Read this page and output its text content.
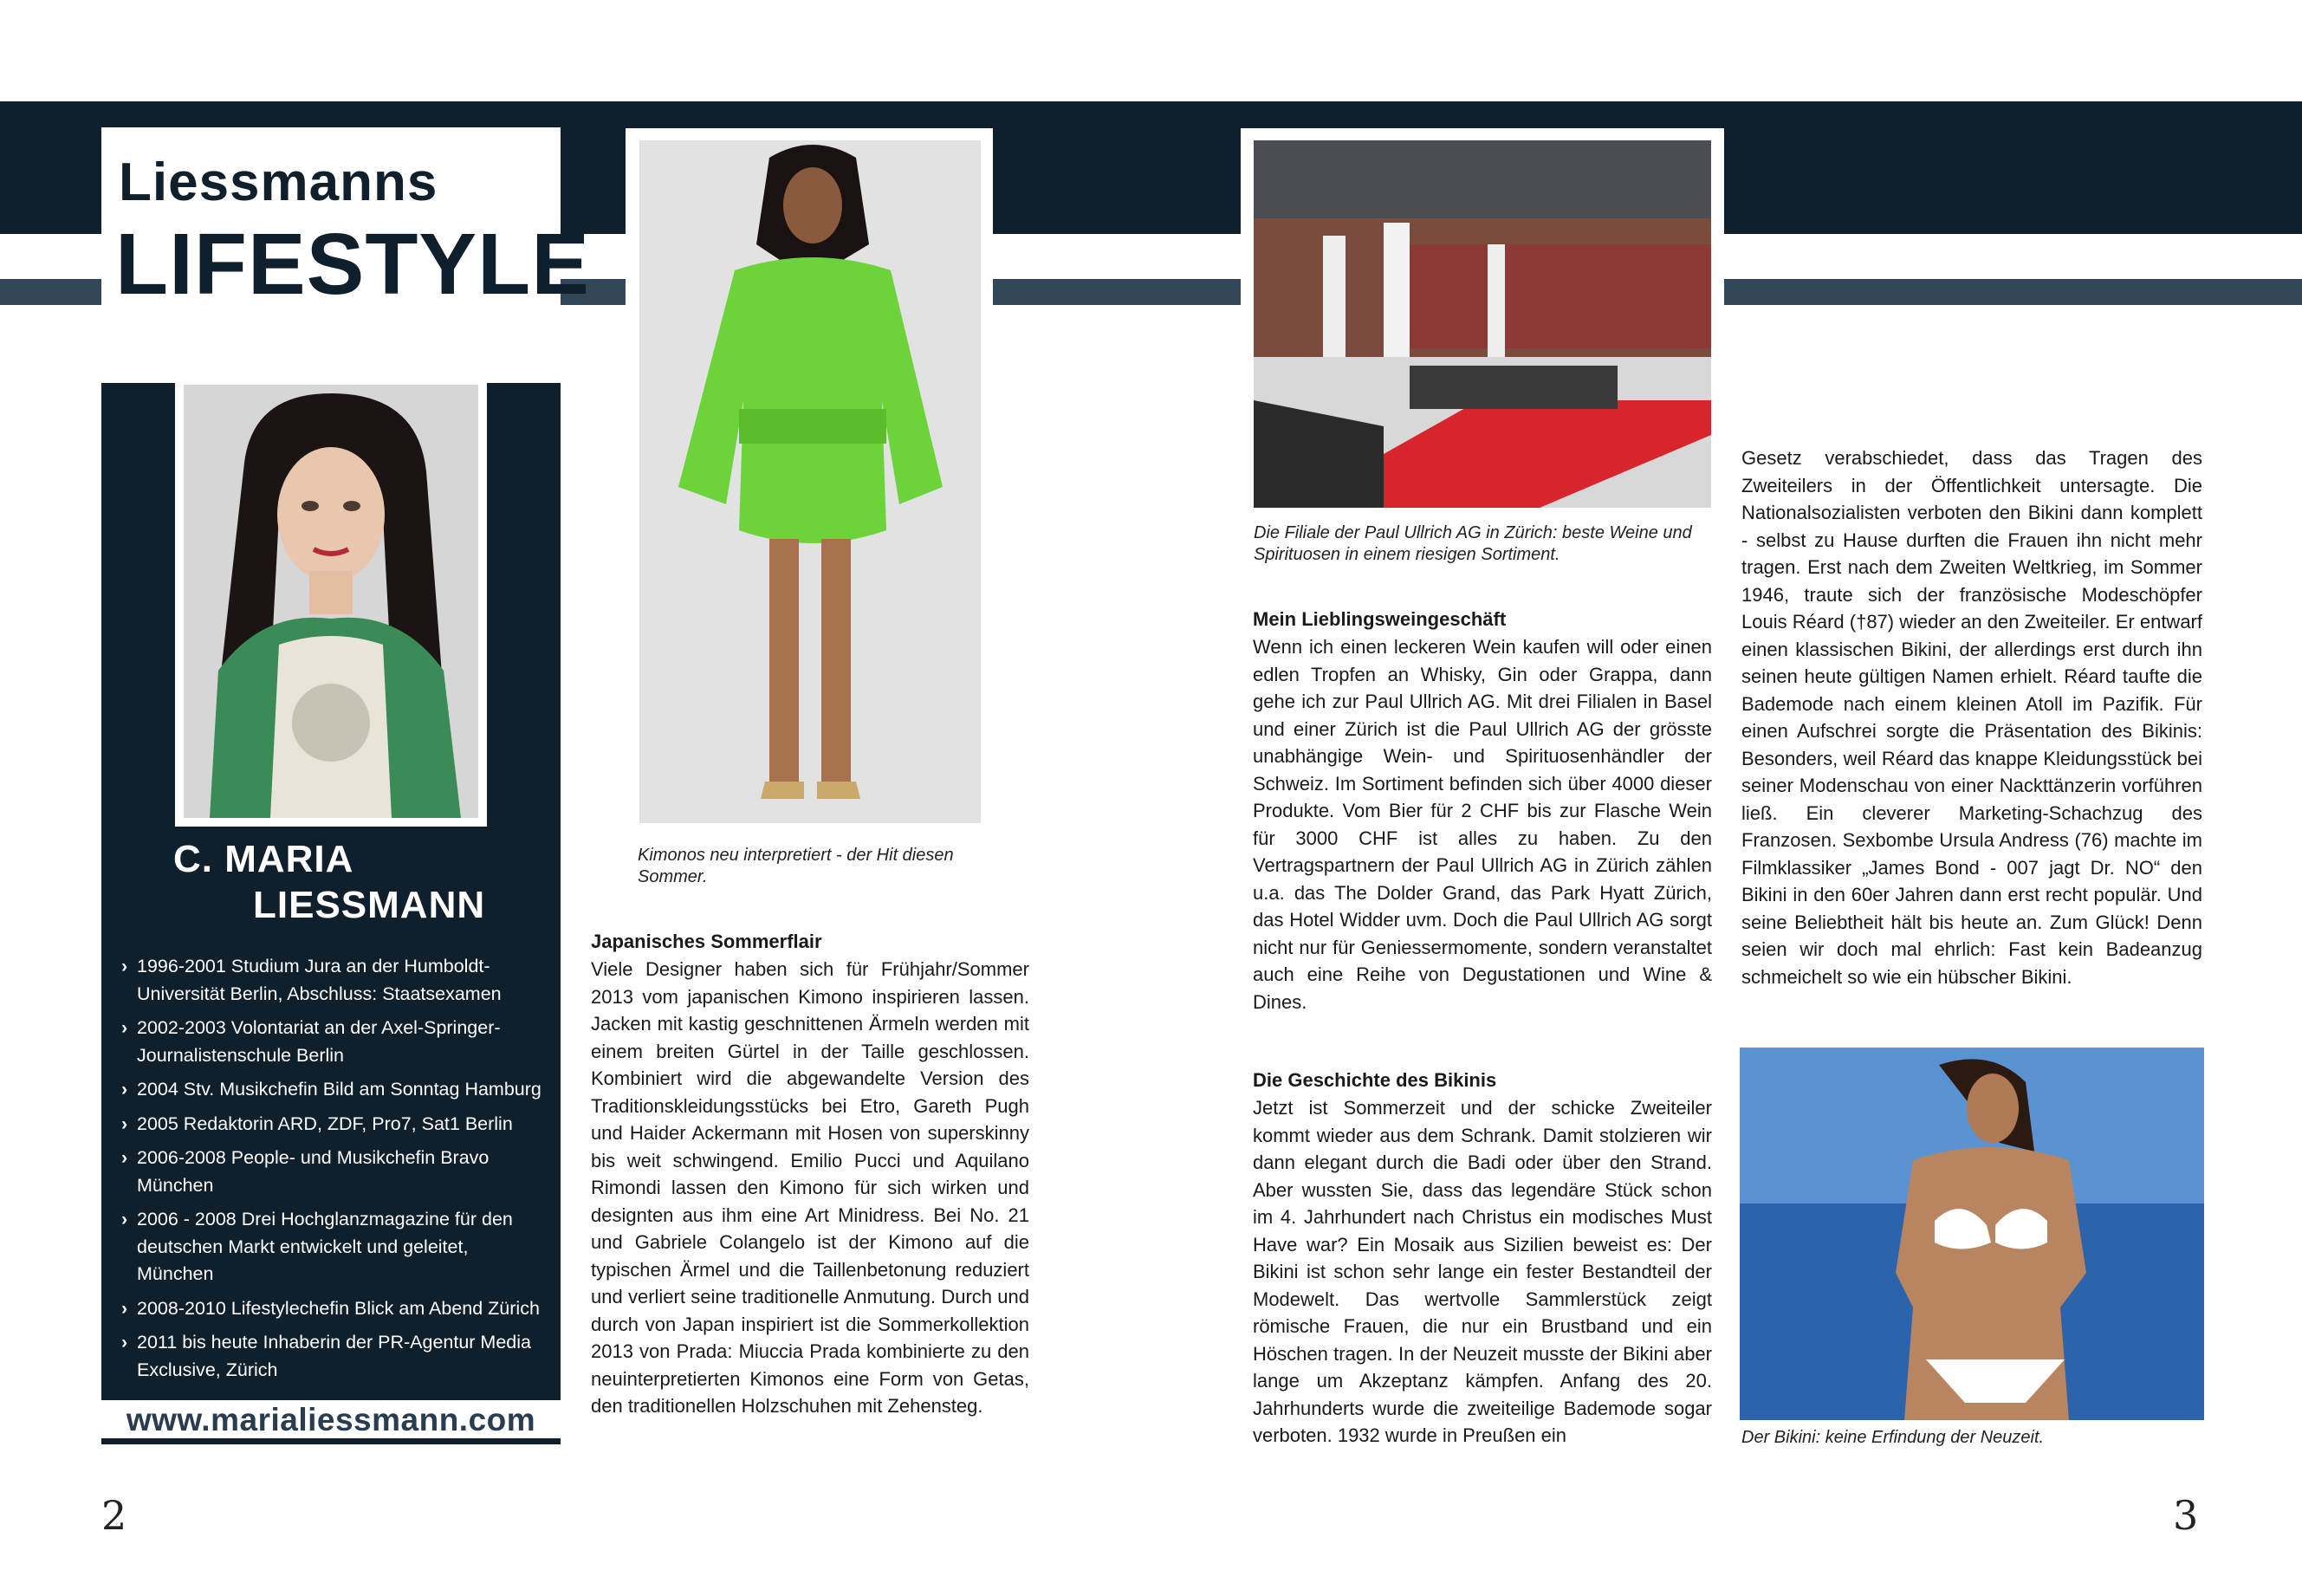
Liessmanns
LIFESTYLE
C. MARIA
LIESSMANN
› 1996-2001 Studium Jura an der Humboldt-Universität Berlin, Abschluss: Staatsexamen
› 2002-2003 Volontariat an der Axel-Springer-Journalistenschule Berlin
› 2004 Stv. Musikchefin Bild am Sonntag Hamburg
› 2005 Redaktorin ARD, ZDF, Pro7, Sat1 Berlin
› 2006-2008 People- und Musikchefin Bravo München
› 2006 - 2008 Drei Hochglanzmagazine für den deutschen Markt entwickelt und geleitet, München
› 2008-2010 Lifestylechefin Blick am Abend Zürich
› 2011 bis heute Inhaberin der PR-Agentur Media Exclusive, Zürich
www.marialiessmann.com
Kimonos neu interpretiert - der Hit diesen Sommer.
Japanisches Sommerflair
Viele Designer haben sich für Frühjahr/Sommer 2013 vom japanischen Kimono inspirieren lassen. Jacken mit kastig geschnittenen Ärmeln werden mit einem breiten Gürtel in der Taille geschlossen. Kombiniert wird die abgewandelte Version des Traditionskleidungsstücks bei Etro, Gareth Pugh und Haider Ackermann mit Hosen von superskinny bis weit schwingend. Emilio Pucci und Aquilano Rimondi lassen den Kimono für sich wirken und designten aus ihm eine Art Minidress. Bei No. 21 und Gabriele Colangelo ist der Kimono auf die typischen Ärmel und die Taillenbetonung reduziert und verliert seine traditionelle Anmutung. Durch und durch von Japan inspiriert ist die Sommerkollektion 2013 von Prada: Miuccia Prada kombinierte zu den neuinterpretierten Kimonos eine Form von Getas, den traditionellen Holzschuhen mit Zehensteg.
Die Filiale der Paul Ullrich AG in Zürich: beste Weine und Spirituosen in einem riesigen Sortiment.
Mein Lieblingsweingeschäft
Wenn ich einen leckeren Wein kaufen will oder einen edlen Tropfen an Whisky, Gin oder Grappa, dann gehe ich zur Paul Ullrich AG. Mit drei Filialen in Basel und einer Zürich ist die Paul Ullrich AG der grösste unabhängige Wein- und Spirituosenhändler der Schweiz. Im Sortiment befinden sich über 4000 dieser Produkte. Vom Bier für 2 CHF bis zur Flasche Wein für 3000 CHF ist alles zu haben. Zu den Vertragspartnern der Paul Ullrich AG in Zürich zählen u.a. das The Dolder Grand, das Park Hyatt Zürich, das Hotel Widder uvm. Doch die Paul Ullrich AG sorgt nicht nur für Geniessermomente, sondern veranstaltet auch eine Reihe von Degustationen und Wine & Dines.
Die Geschichte des Bikinis
Jetzt ist Sommerzeit und der schicke Zweiteiler kommt wieder aus dem Schrank. Damit stolzieren wir dann elegant durch die Badi oder über den Strand. Aber wussten Sie, dass das legendäre Stück schon im 4. Jahrhundert nach Christus ein modisches Must Have war? Ein Mosaik aus Sizilien beweist es: Der Bikini ist schon sehr lange ein fester Bestandteil der Modewelt. Das wertvolle Sammlerstück zeigt römische Frauen, die nur ein Brustband und ein Höschen tragen. In der Neuzeit musste der Bikini aber lange um Akzeptanz kämpfen. Anfang des 20. Jahrhunderts wurde die zweiteilige Bademode sogar verboten. 1932 wurde in Preußen ein
Gesetz verabschiedet, dass das Tragen des Zweiteilers in der Öffentlichkeit untersagte. Die Nationalsozialisten verboten den Bikini dann komplett - selbst zu Hause durften die Frauen ihn nicht mehr tragen. Erst nach dem Zweiten Weltkrieg, im Sommer 1946, traute sich der französische Modeschöpfer Louis Réard (†87) wieder an den Zweiteiler. Er entwarf einen klassischen Bikini, der allerdings erst durch ihn seinen heute gültigen Namen erhielt. Réard taufte die Bademode nach einem kleinen Atoll im Pazifik. Für einen Aufschrei sorgte die Präsentation des Bikinis: Besonders, weil Réard das knappe Kleidungsstück bei seiner Modenschau von einer Nackttänzerin vorführen ließ. Ein cleverer Marketing-Schachzug des Franzosen. Sexbombe Ursula Andress (76) machte im Filmklassiker „James Bond - 007 jagt Dr. NO“ den Bikini in den 60er Jahren dann erst recht populär. Und seine Beliebtheit hält bis heute an. Zum Glück! Denn seien wir doch mal ehrlich: Fast kein Badeanzug schmeichelt so wie ein hübscher Bikini.
Der Bikini: keine Erfindung der Neuzeit.
2	3
